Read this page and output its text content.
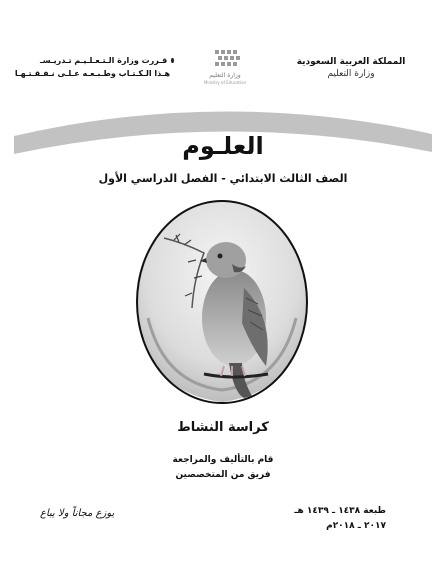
المملكة العربية السعودية
وزارة التعليم
وزارة التعليم
Ministry of Education
قـررت وزارة الـتـعـلـيـم تـدريـسـ
هـذا الـكـتـاب وطـبـعـه عـلـى نـفـقـتـهـا
العلـوم
الصف الثالث الابتدائي - الفصل الدراسي الأول
كراسة النشاط
قام بالتأليف والمراجعة
فريق من المتخصصين
طبعة ١٤٣٨ ـ ١٤٣٩ هـ
٢٠١٧ ـ ٢٠١٨م
يوزع مجاناً ولا يباع
